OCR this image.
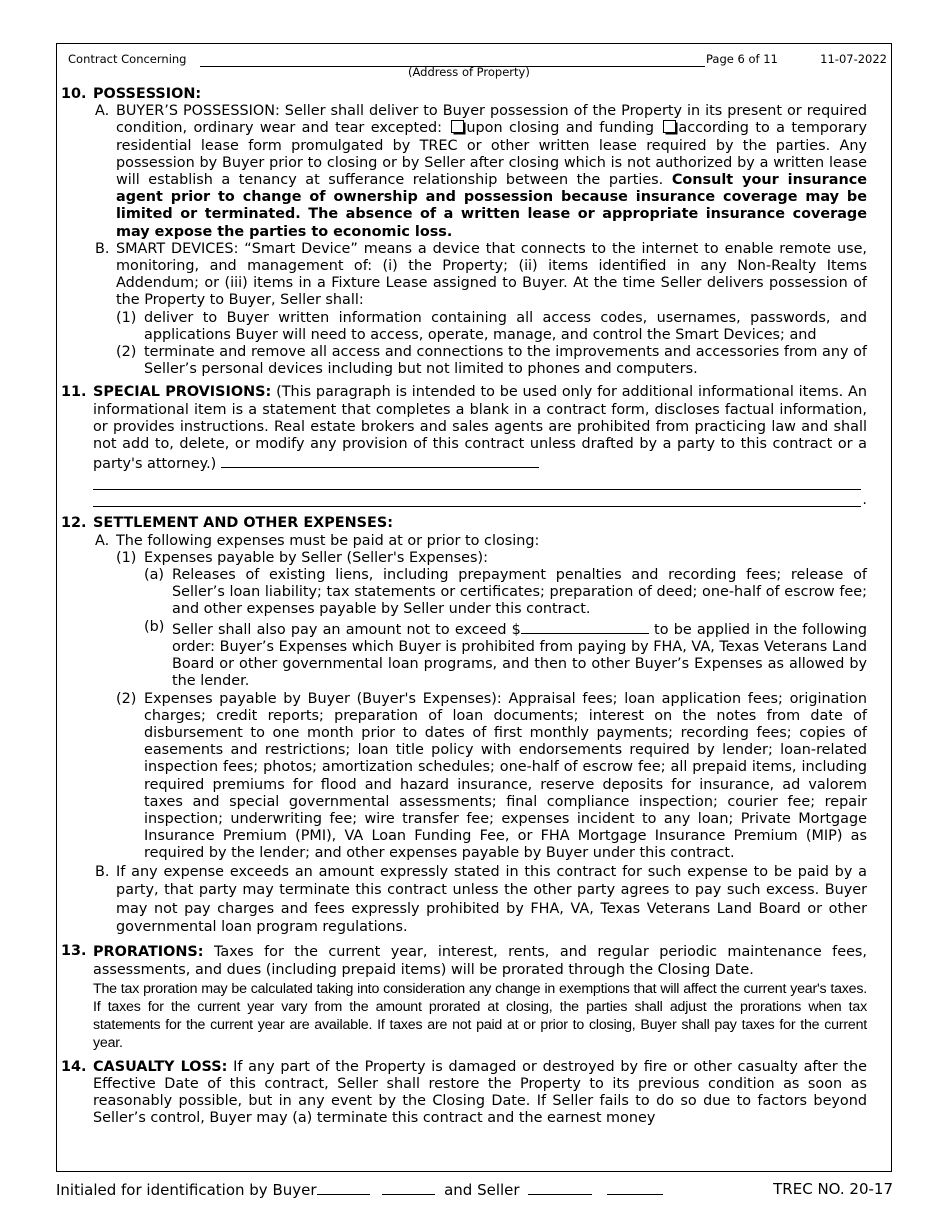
Contract Concerning
(Address of Property)
Page 6 of 11	11-07-2022
10. POSSESSION:
A. BUYER’S POSSESSION: Seller shall deliver to Buyer possession of the Property in its present or required condition, ordinary wear and tear excepted: upon closing and funding according to a temporary residential lease form promulgated by TREC or other written lease required by the parties. Any possession by Buyer prior to closing or by Seller after closing which is not authorized by a written lease will establish a tenancy at sufferance relationship between the parties. Consult your insurance agent prior to change of ownership and possession because insurance coverage may be limited or terminated. The absence of a written lease or appropriate insurance coverage may expose the parties to economic loss.
B. SMART DEVICES: “Smart Device” means a device that connects to the internet to enable remote use, monitoring, and management of: (i) the Property; (ii) items identified in any Non-Realty Items Addendum; or (iii) items in a Fixture Lease assigned to Buyer. At the time Seller delivers possession of the Property to Buyer, Seller shall:
(1) deliver to Buyer written information containing all access codes, usernames, passwords, and applications Buyer will need to access, operate, manage, and control the Smart Devices; and
(2) terminate and remove all access and connections to the improvements and accessories from any of Seller’s personal devices including but not limited to phones and computers.
11. SPECIAL PROVISIONS: (This paragraph is intended to be used only for additional informational items. An informational item is a statement that completes a blank in a contract form, discloses factual information, or provides instructions. Real estate brokers and sales agents are prohibited from practicing law and shall not add to, delete, or modify any provision of this contract unless drafted by a party to this contract or a party's attorney.)
.
12. SETTLEMENT AND OTHER EXPENSES:
A. The following expenses must be paid at or prior to closing:
(1) Expenses payable by Seller (Seller's Expenses):
(a) Releases of existing liens, including prepayment penalties and recording fees; release of Seller’s loan liability; tax statements or certificates; preparation of deed; one-half of escrow fee; and other expenses payable by Seller under this contract.
(b) Seller shall also pay an amount not to exceed $	to be applied in the following order: Buyer’s Expenses which Buyer is prohibited from paying by FHA, VA, Texas Veterans Land Board or other governmental loan programs, and then to other Buyer’s Expenses as allowed by the lender.
(2) Expenses payable by Buyer (Buyer's Expenses): Appraisal fees; loan application fees; origination charges; credit reports; preparation of loan documents; interest on the notes from date of disbursement to one month prior to dates of first monthly payments; recording fees; copies of easements and restrictions; loan title policy with endorsements required by lender; loan-related inspection fees; photos; amortization schedules; one-half of escrow fee; all prepaid items, including required premiums for flood and hazard insurance, reserve deposits for insurance, ad valorem taxes and special governmental assessments; final compliance inspection; courier fee; repair inspection; underwriting fee; wire transfer fee; expenses incident to any loan; Private Mortgage Insurance Premium (PMI), VA Loan Funding Fee, or FHA Mortgage Insurance Premium (MIP) as required by the lender; and other expenses payable by Buyer under this contract.
B. If any expense exceeds an amount expressly stated in this contract for such expense to be paid by a party, that party may terminate this contract unless the other party agrees to pay such excess. Buyer may not pay charges and fees expressly prohibited by FHA, VA, Texas Veterans Land Board or other governmental loan program regulations.
13. PRORATIONS: Taxes for the current year, interest, rents, and regular periodic maintenance fees, assessments, and dues (including prepaid items) will be prorated through the Closing Date.
The tax proration may be calculated taking into consideration any change in exemptions that will affect the current year's taxes. If taxes for the current year vary from the amount prorated at closing, the parties shall adjust the prorations when tax statements for the current year are available. If taxes are not paid at or prior to closing, Buyer shall pay taxes for the current year.
14. CASUALTY LOSS: If any part of the Property is damaged or destroyed by fire or other casualty after the Effective Date of this contract, Seller shall restore the Property to its previous condition as soon as reasonably possible, but in any event by the Closing Date. If Seller fails to do so due to factors beyond Seller’s control, Buyer may (a) terminate this contract and the earnest money
Initialed for identification by Buyer	and Seller	TREC NO. 20-17
